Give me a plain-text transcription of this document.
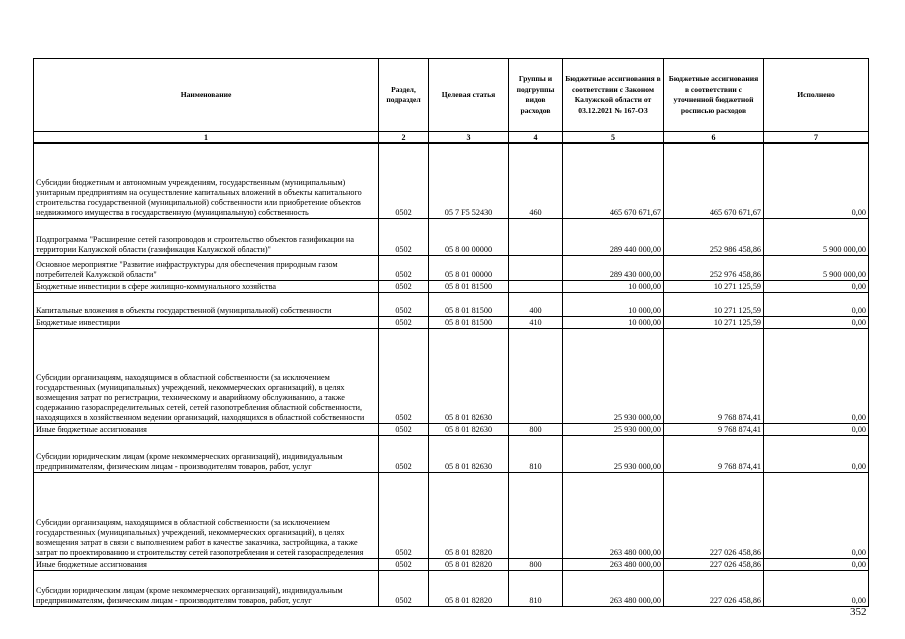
Наименование	Раздел, подраздел	Целевая статья	Группы и подгруппы видов расходов	Бюджетные ассигнования в соответствии с Законом Калужской области от 03.12.2021 № 167-ОЗ	Бюджетные ассигнования в соответствии с уточненной бюджетной росписью расходов	Исполнено
1	2	3	4	5	6	7
Субсидии бюджетным и автономным учреждениям, государственным (муниципальным) унитарным предприятиям на осуществление капитальных вложений в объекты капитального строительства государственной (муниципальной) собственности или приобретение объектов недвижимого имущества в государственную (муниципальную) собственность	0502	05 7 F5 52430	460	465 670 671,67	465 670 671,67	0,00
Подпрограмма "Расширение сетей газопроводов и строительство объектов газификации на территории Калужской области (газификация Калужской области)"	0502	05 8 00 00000		289 440 000,00	252 986 458,86	5 900 000,00
Основное мероприятие "Развитие инфраструктуры для обеспечения природным газом потребителей Калужской области"	0502	05 8 01 00000		289 430 000,00	252 976 458,86	5 900 000,00
Бюджетные инвестиции в сфере жилищно-коммунального хозяйства	0502	05 8 01 81500		10 000,00	10 271 125,59	0,00
Капитальные вложения в объекты государственной (муниципальной) собственности	0502	05 8 01 81500	400	10 000,00	10 271 125,59	0,00
Бюджетные инвестиции	0502	05 8 01 81500	410	10 000,00	10 271 125,59	0,00
Субсидии организациям, находящимся в областной собственности (за исключением государственных (муниципальных) учреждений, некоммерческих организаций), в целях возмещения затрат по регистрации, техническому и аварийному обслуживанию, а также содержанию газораспределительных сетей, сетей газопотребления областной собственности, находящихся в хозяйственном ведении организаций, находящихся в областной собственности	0502	05 8 01 82630		25 930 000,00	9 768 874,41	0,00
Иные бюджетные ассигнования	0502	05 8 01 82630	800	25 930 000,00	9 768 874,41	0,00
Субсидии юридическим лицам (кроме некоммерческих организаций), индивидуальным предпринимателям, физическим лицам - производителям товаров, работ, услуг	0502	05 8 01 82630	810	25 930 000,00	9 768 874,41	0,00
Субсидии организациям, находящимся в областной собственности (за исключением государственных (муниципальных) учреждений, некоммерческих организаций), в целях возмещения затрат в связи с выполнением работ в качестве заказчика, застройщика, а также затрат по проектированию и строительству сетей газопотребления и сетей газораспределения	0502	05 8 01 82820		263 480 000,00	227 026 458,86	0,00
Иные бюджетные ассигнования	0502	05 8 01 82820	800	263 480 000,00	227 026 458,86	0,00
Субсидии юридическим лицам (кроме некоммерческих организаций), индивидуальным предпринимателям, физическим лицам - производителям товаров, работ, услуг	0502	05 8 01 82820	810	263 480 000,00	227 026 458,86	0,00
352
